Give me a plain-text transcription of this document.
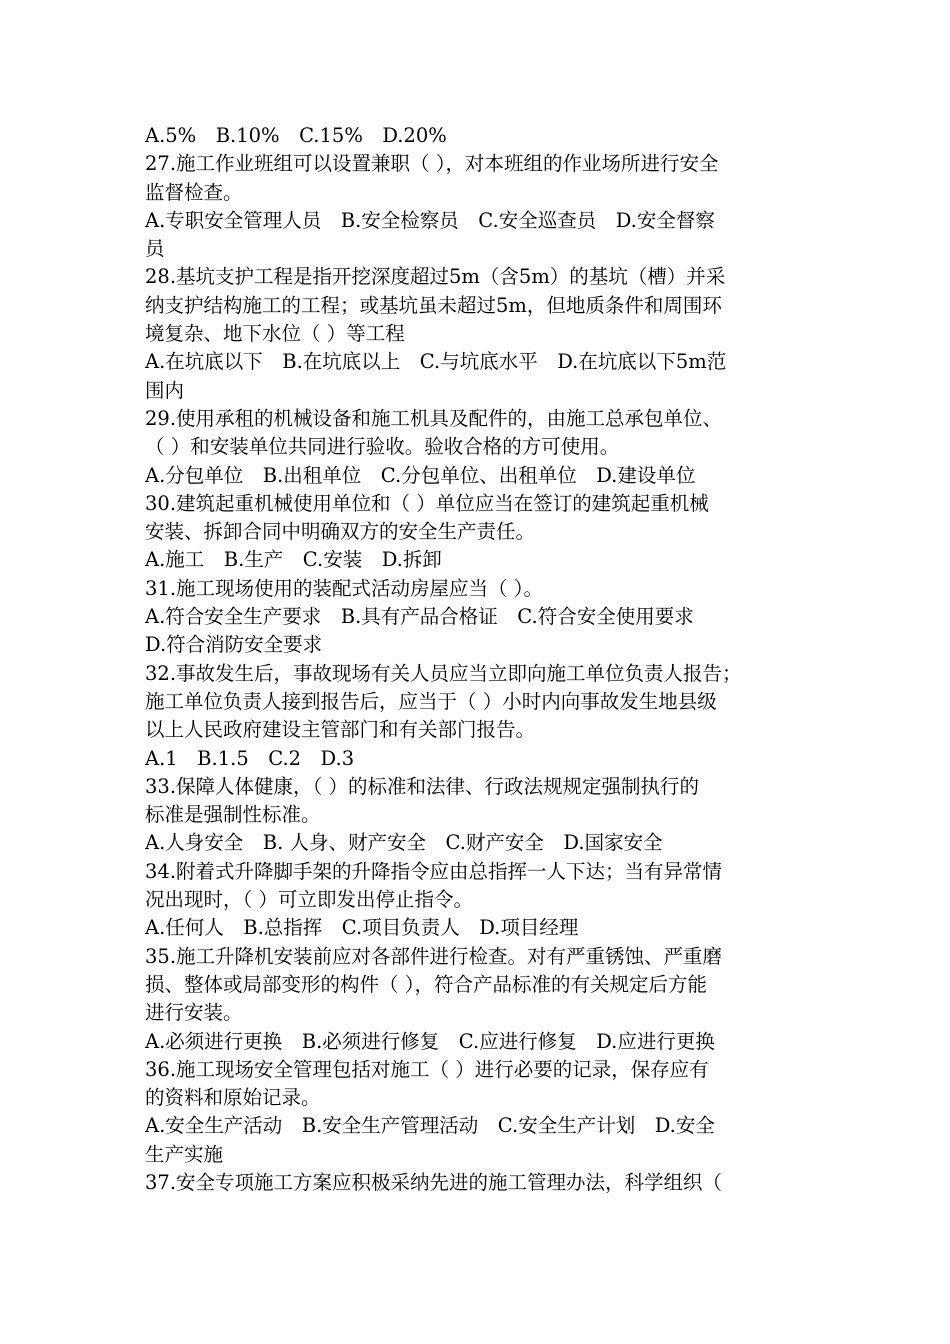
A.5%　B.10%　C.15%　D.20%
27.施工作业班组可以设置兼职（ ），对本班组的作业场所进行安全
监督检查。
A.专职安全管理人员　B.安全检察员　C.安全巡查员　D.安全督察
员
28.基坑支护工程是指开挖深度超过5m（含5m）的基坑（槽）并采
纳支护结构施工的工程；或基坑虽未超过5m，但地质条件和周围环
境复杂、地下水位（ ）等工程
A.在坑底以下　B.在坑底以上　C.与坑底水平　D.在坑底以下5m范
围内
29.使用承租的机械设备和施工机具及配件的，由施工总承包单位、
（ ）和安装单位共同进行验收。验收合格的方可使用。
A.分包单位　B.出租单位　C.分包单位、出租单位　D.建设单位
30.建筑起重机械使用单位和（ ）单位应当在签订的建筑起重机械
安装、拆卸合同中明确双方的安全生产责任。
A.施工　B.生产　C.安装　D.拆卸
31.施工现场使用的装配式活动房屋应当（ ）。
A.符合安全生产要求　B.具有产品合格证　C.符合安全使用要求
D.符合消防安全要求
32.事故发生后，事故现场有关人员应当立即向施工单位负责人报告；
施工单位负责人接到报告后，应当于（ ）小时内向事故发生地县级
以上人民政府建设主管部门和有关部门报告。
A.1　B.1.5　C.2　D.3
33.保障人体健康，（ ）的标准和法律、行政法规规定强制执行的
标准是强制性标准。
A.人身安全　B. 人身、财产安全　C.财产安全　D.国家安全
34.附着式升降脚手架的升降指令应由总指挥一人下达；当有异常情
况出现时，（ ）可立即发出停止指令。
A.任何人　B.总指挥　C.项目负责人　D.项目经理
35.施工升降机安装前应对各部件进行检查。对有严重锈蚀、严重磨
损、整体或局部变形的构件（ ），符合产品标准的有关规定后方能
进行安装。
A.必须进行更换　B.必须进行修复　C.应进行修复　D.应进行更换
36.施工现场安全管理包括对施工（ ）进行必要的记录，保存应有
的资料和原始记录。
A.安全生产活动　B.安全生产管理活动　C.安全生产计划　D.安全
生产实施
37.安全专项施工方案应积极采纳先进的施工管理办法，科学组织（
